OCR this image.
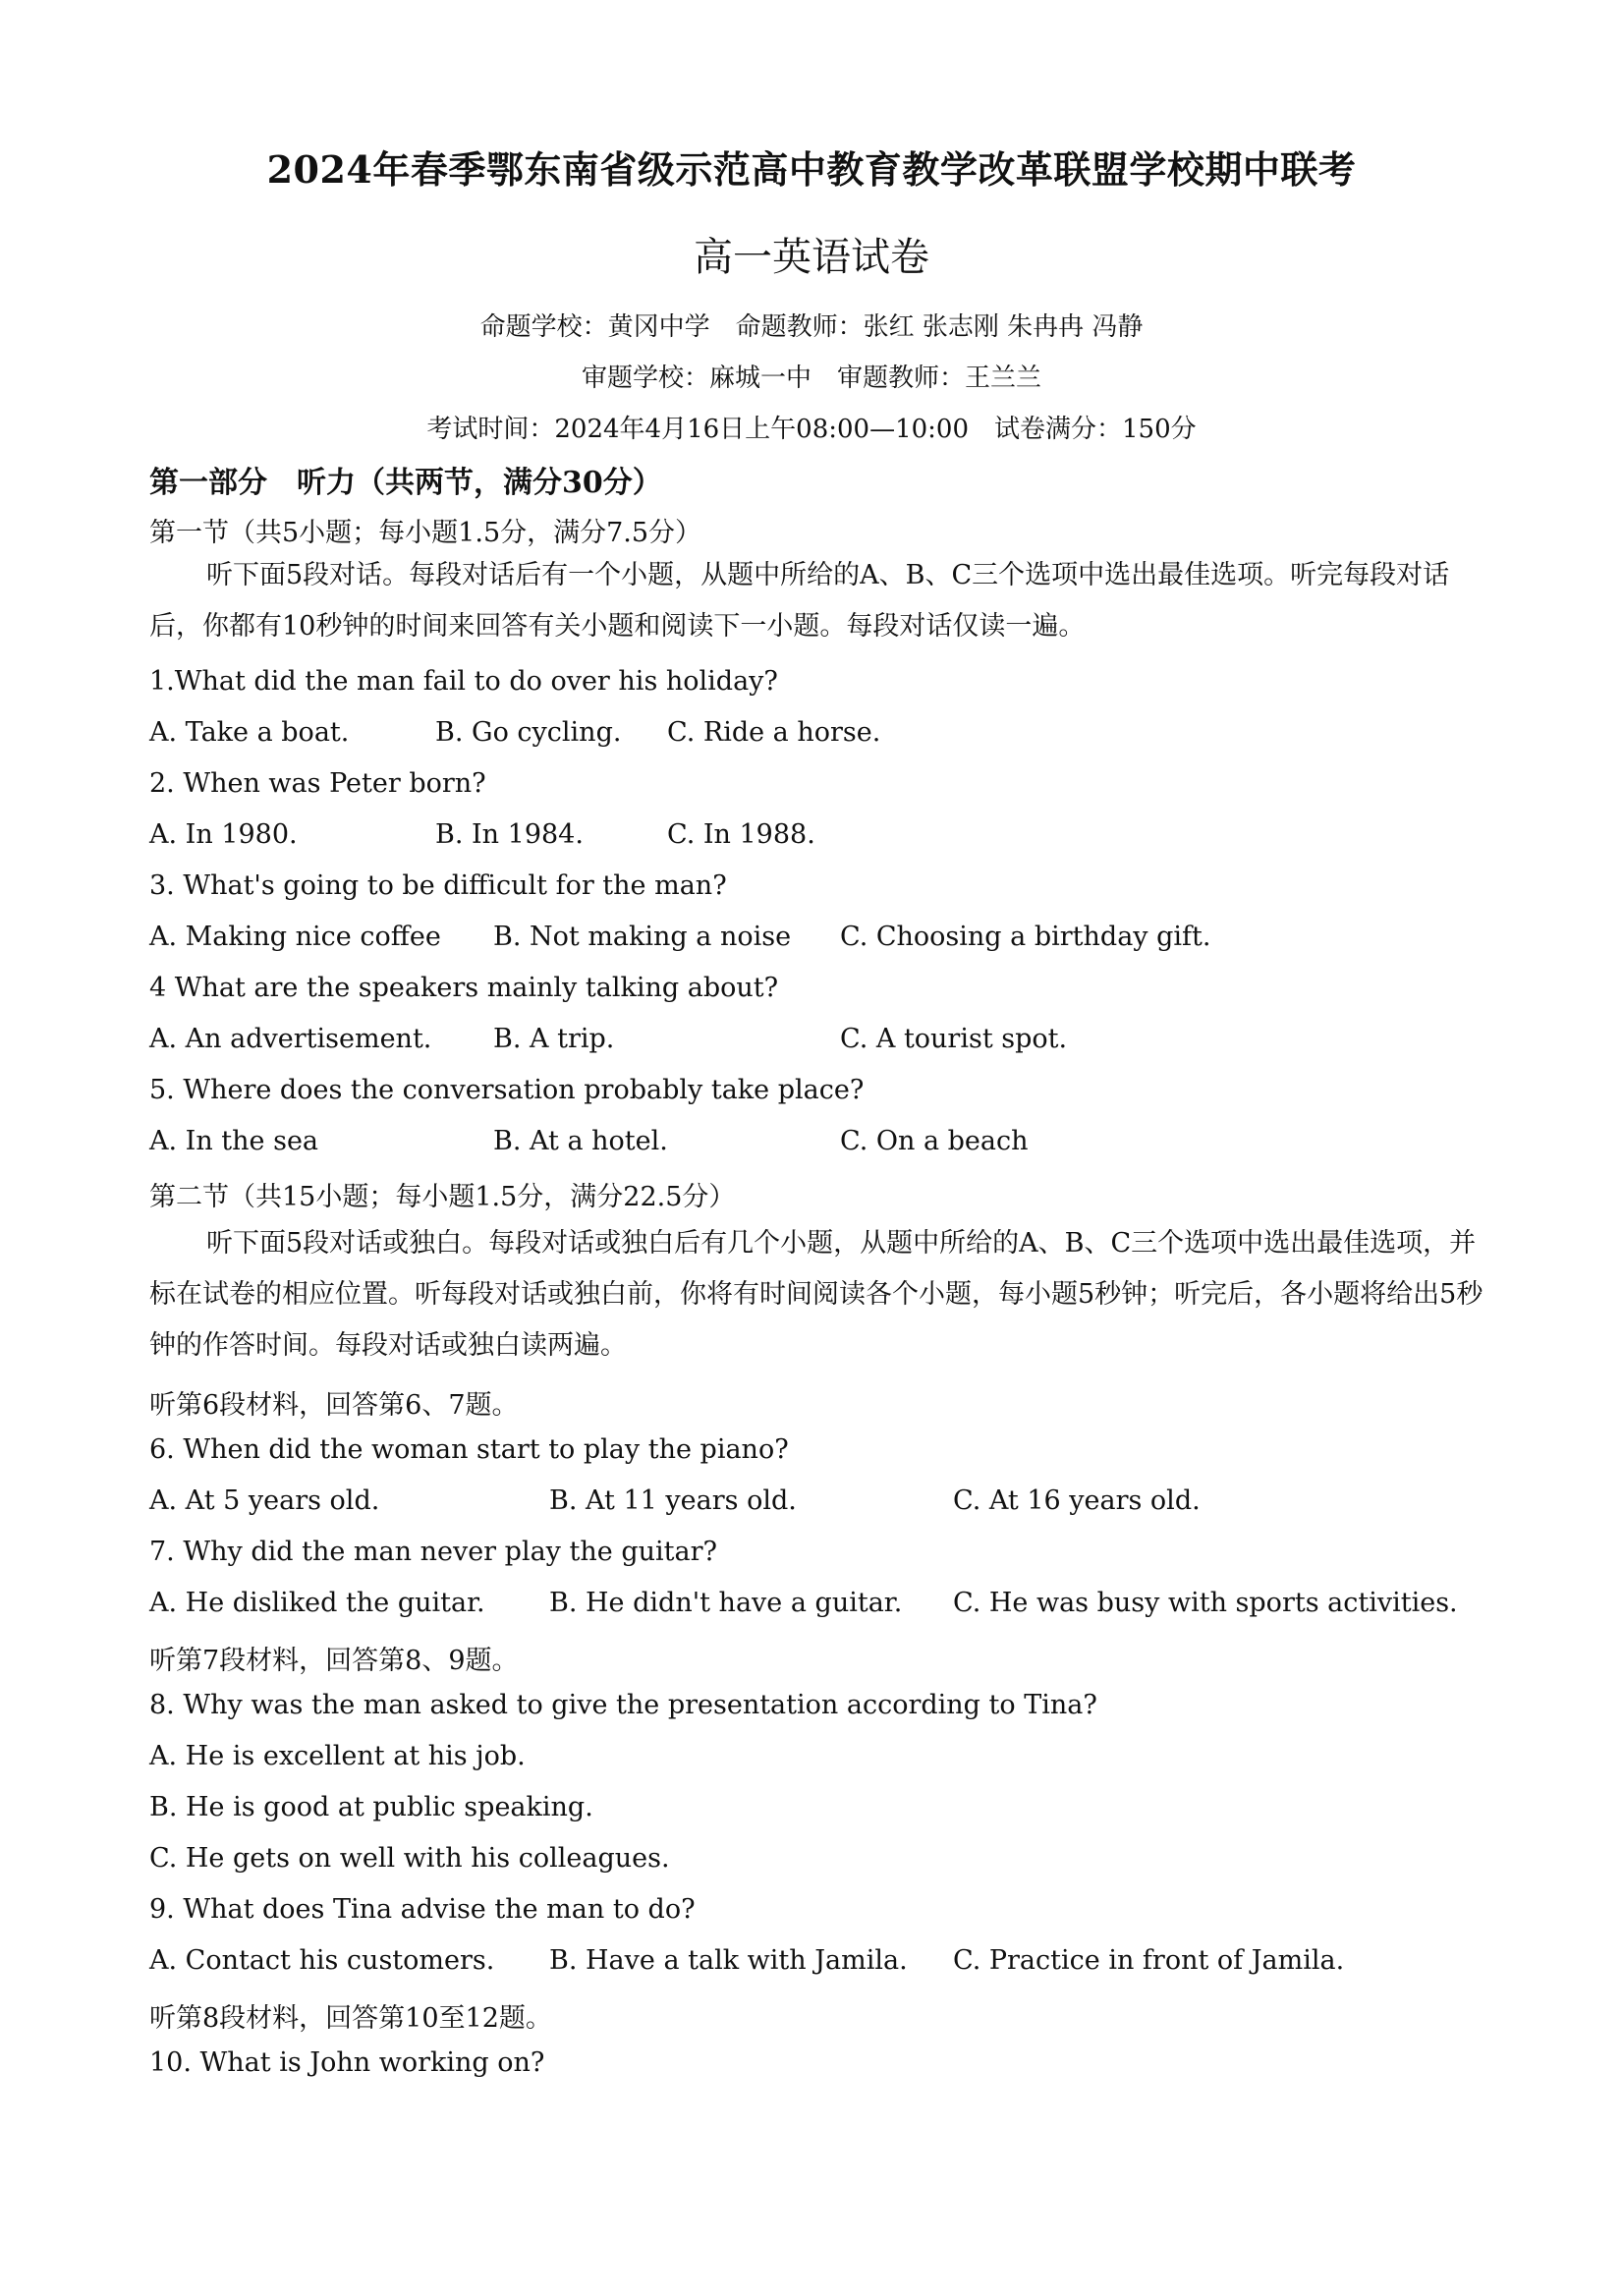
2024年春季鄂东南省级示范高中教育教学改革联盟学校期中联考
高一英语试卷
命题学校：黄冈中学　命题教师：张红 张志刚 朱冉冉 冯静
审题学校：麻城一中　审题教师：王兰兰
考试时间：2024年4月16日上午08:00—10:00　试卷满分：150分
第一部分　听力（共两节，满分30分）
第一节（共5小题；每小题1.5分，满分7.5分）
听下面5段对话。每段对话后有一个小题，从题中所给的A、B、C三个选项中选出最佳选项。听完每段对话后，你都有10秒钟的时间来回答有关小题和阅读下一小题。每段对话仅读一遍。
1.What did the man fail to do over his holiday?
A. Take a boat.	B. Go cycling. C. Ride a horse.
2. When was Peter born?
A. In 1980.	B. In 1984.	C. In 1988.
3. What's going to be difficult for the man?
A. Making nice coffee B. Not making a noise C. Choosing a birthday gift.
4 What are the speakers mainly talking about?
A. An advertisement. B. A trip.	C. A tourist spot.
5. Where does the conversation probably take place?
A. In the sea	B. At a hotel.	C. On a beach
第二节（共15小题；每小题1.5分，满分22.5分）
听下面5段对话或独白。每段对话或独白后有几个小题，从题中所给的A、B、C三个选项中选出最佳选项，并标在试卷的相应位置。听每段对话或独白前，你将有时间阅读各个小题，每小题5秒钟；听完后，各小题将给出5秒钟的作答时间。每段对话或独白读两遍。
听第6段材料，回答第6、7题。
6. When did the woman start to play the piano?
A. At 5 years old.	B. At 11 years old.	C. At 16 years old.
7. Why did the man never play the guitar?
A. He disliked the guitar. B. He didn't have a guitar. C. He was busy with sports activities.
听第7段材料，回答第8、9题。
8. Why was the man asked to give the presentation according to Tina?
A. He is excellent at his job.
B. He is good at public speaking.
C. He gets on well with his colleagues.
9. What does Tina advise the man to do?
A. Contact his customers. B. Have a talk with Jamila. C. Practice in front of Jamila.
听第8段材料，回答第10至12题。
10. What is John working on?
